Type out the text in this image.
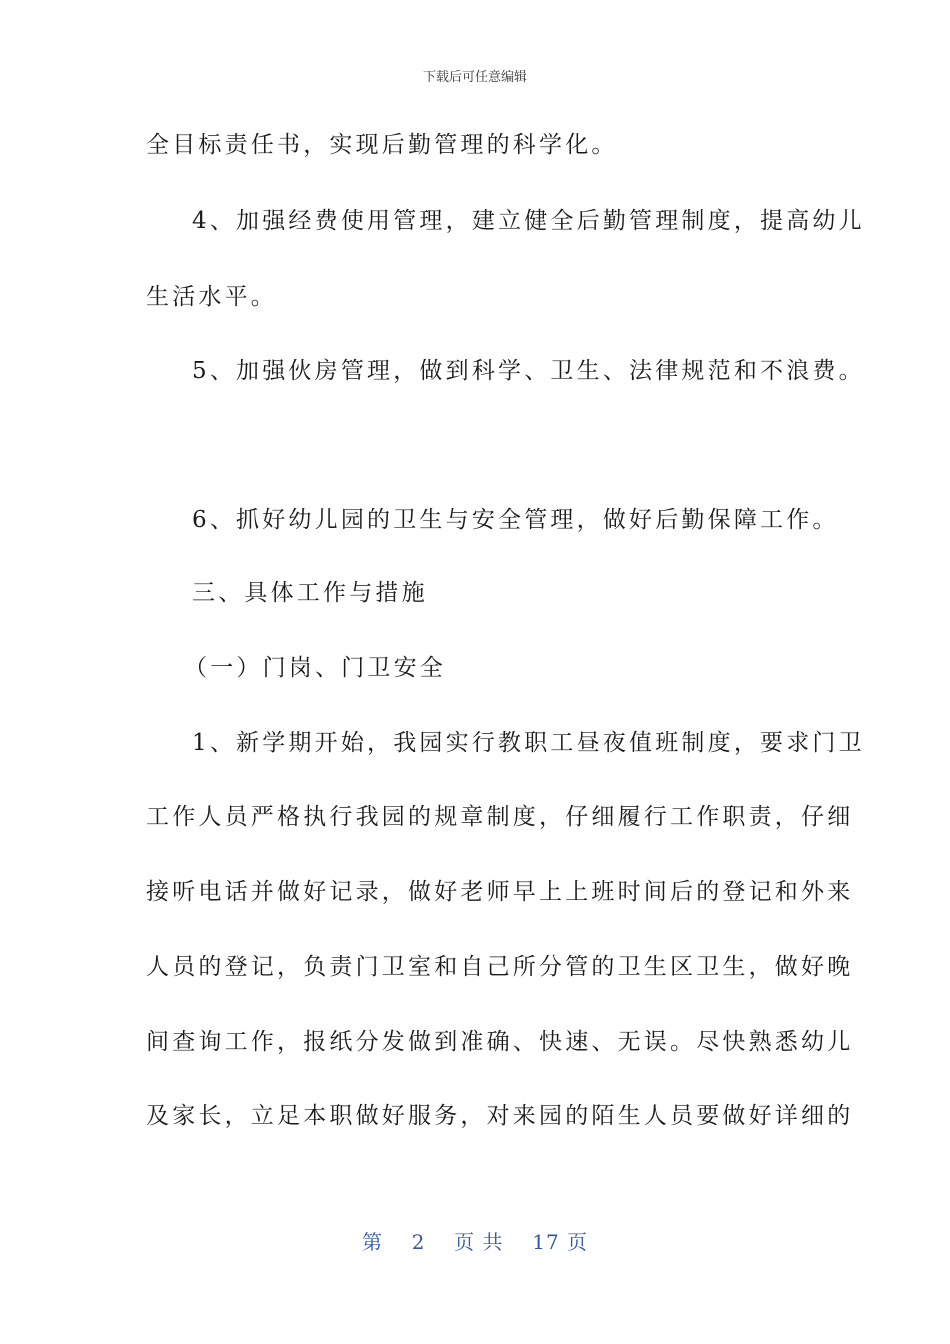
下载后可任意编辑
全目标责任书，实现后勤管理的科学化。
4、加强经费使用管理，建立健全后勤管理制度，提高幼儿
生活水平。
5、加强伙房管理，做到科学、卫生、法律规范和不浪费。
6、抓好幼儿园的卫生与安全管理，做好后勤保障工作。
三、具体工作与措施
（一）门岗、门卫安全
1、新学期开始，我园实行教职工昼夜值班制度，要求门卫
工作人员严格执行我园的规章制度，仔细履行工作职责，仔细
接听电话并做好记录，做好老师早上上班时间后的登记和外来
人员的登记，负责门卫室和自己所分管的卫生区卫生，做好晚
间查询工作，报纸分发做到准确、快速、无误。尽快熟悉幼儿
及家长，立足本职做好服务，对来园的陌生人员要做好详细的
第 2 页 共 17 页
